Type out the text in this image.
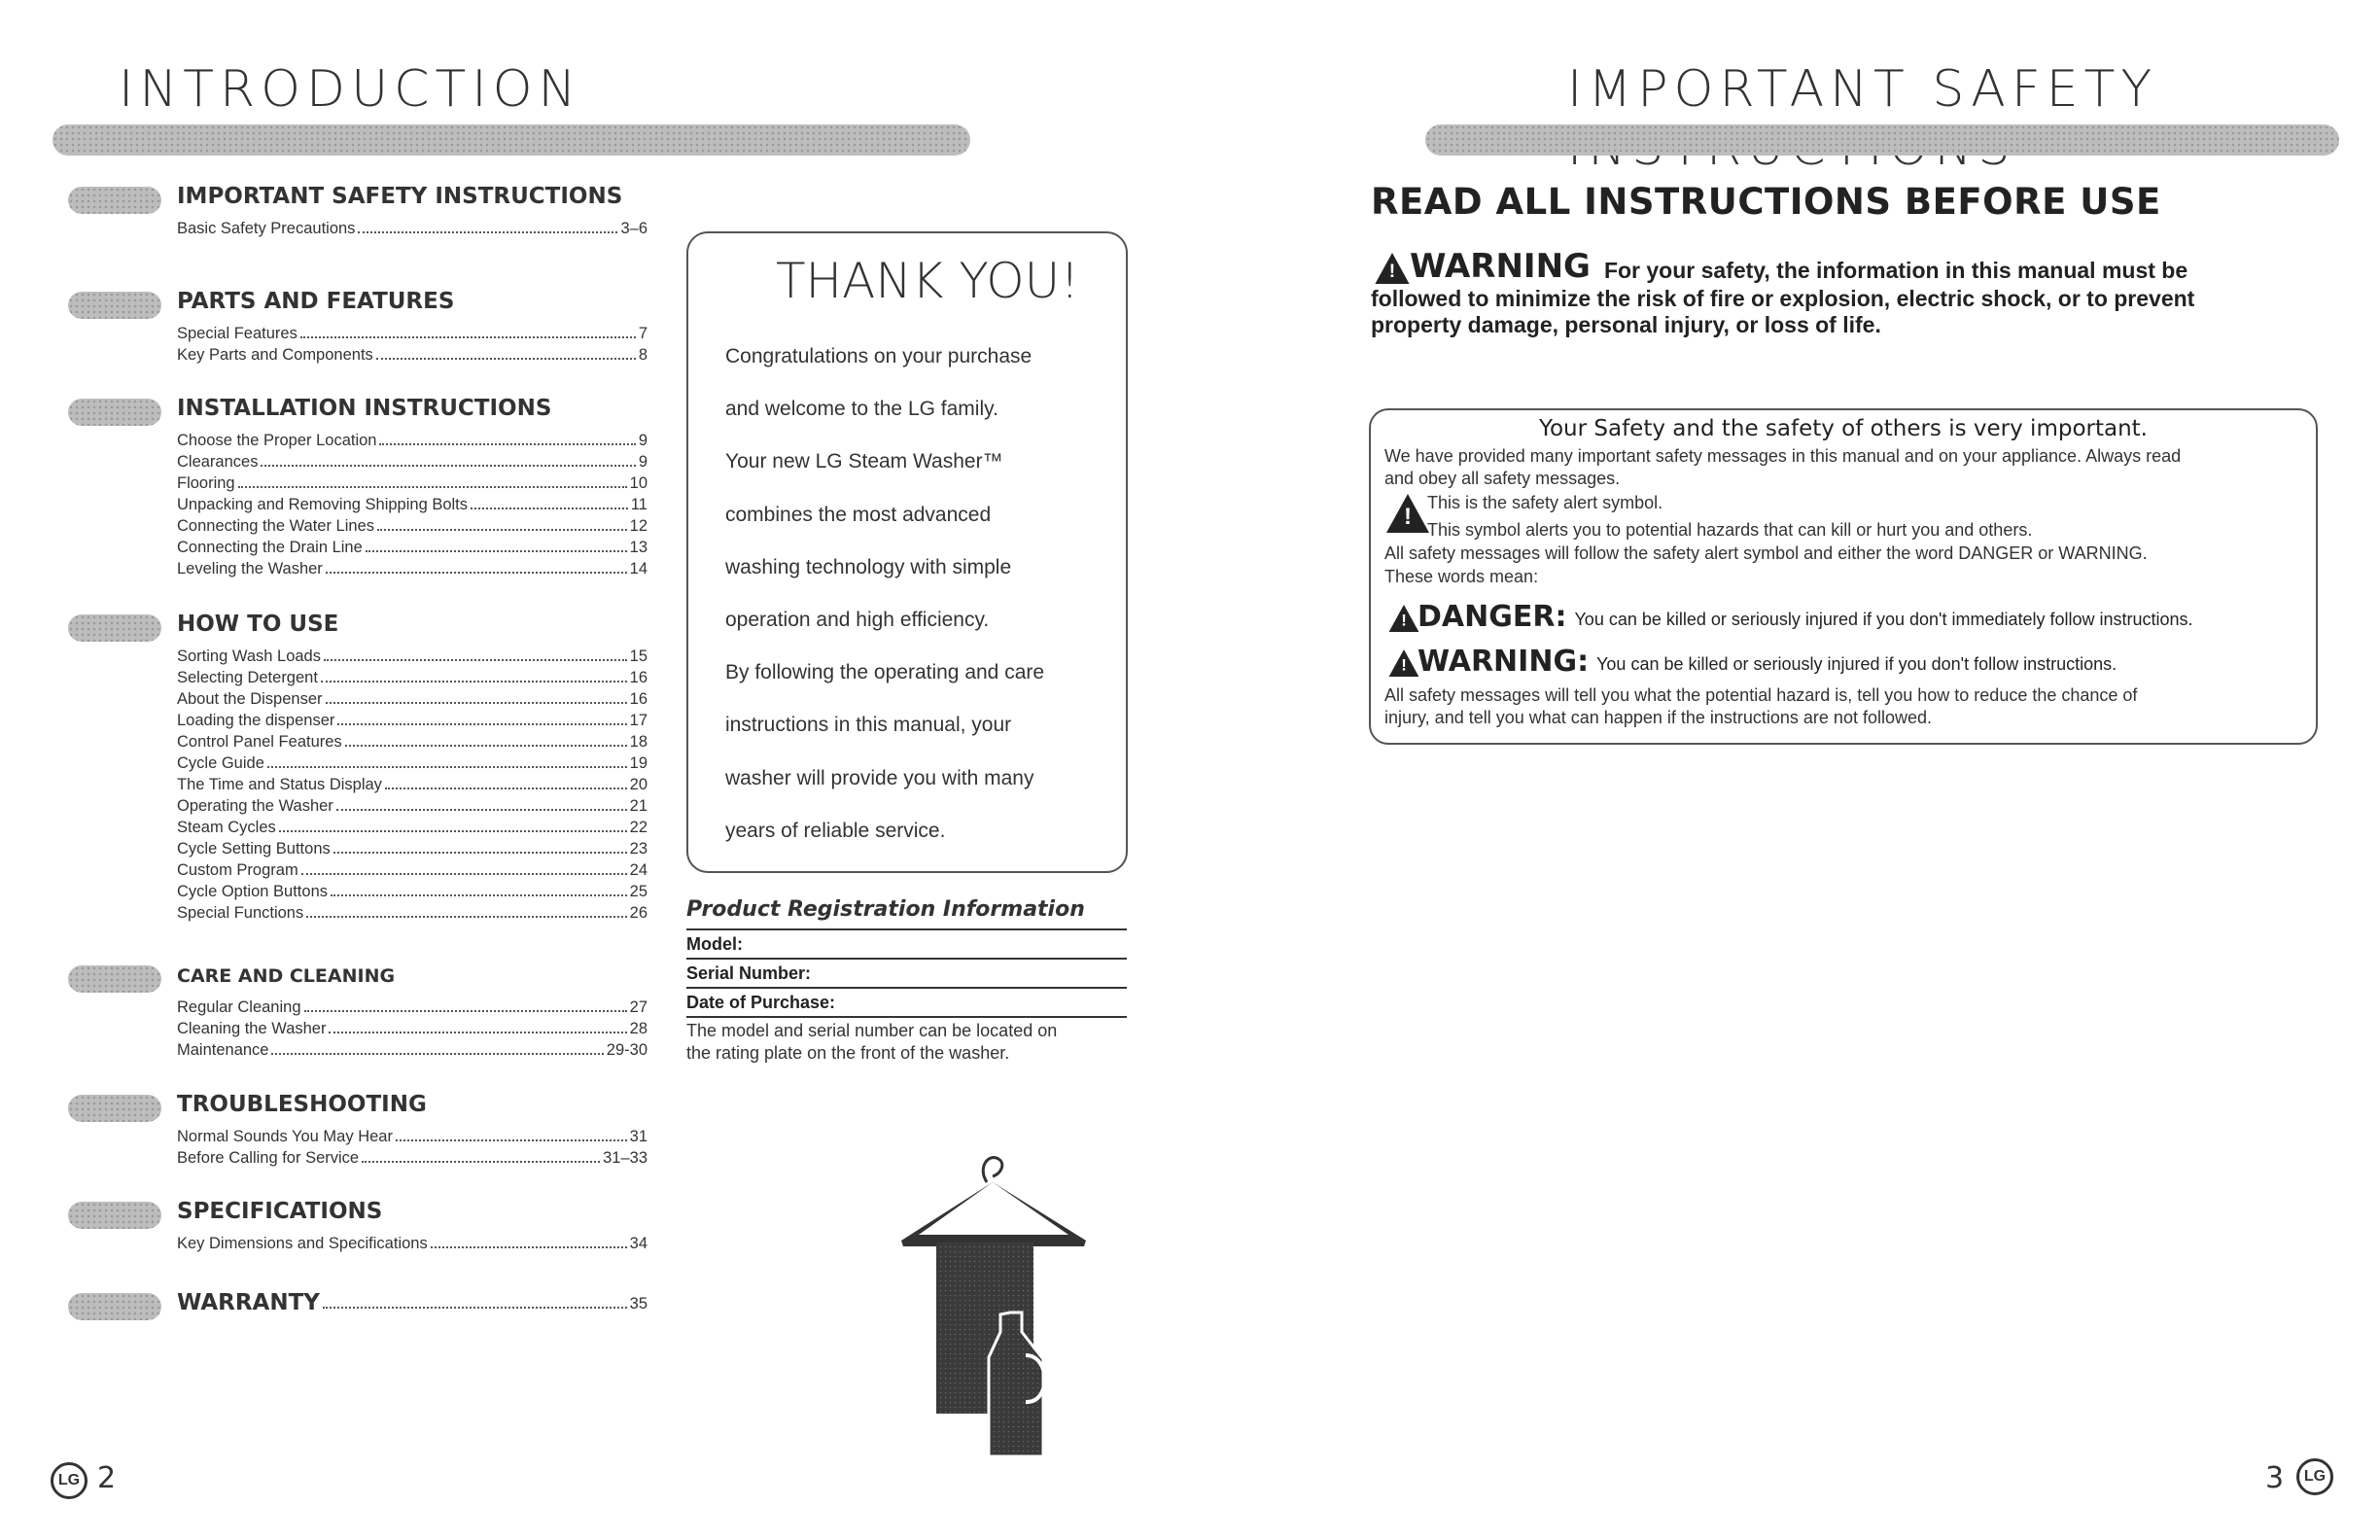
INTRODUCTION
IMPORTANT SAFETY INSTRUCTIONS
Basic Safety Precautions	3–6
PARTS AND FEATURES
Special Features	7
Key Parts and Components	8
INSTALLATION INSTRUCTIONS
Choose the Proper Location	9
Clearances	9
Flooring	10
Unpacking and Removing Shipping Bolts	11
Connecting the Water Lines	12
Connecting the Drain Line	13
Leveling the Washer	14
HOW TO USE
Sorting Wash Loads	15
Selecting Detergent	16
About the Dispenser	16
Loading the dispenser	17
Control Panel Features	18
Cycle Guide	19
The Time and Status Display	20
Operating the Washer	21
Steam Cycles	22
Cycle Setting Buttons	23
Custom Program	24
Cycle Option Buttons	25
Special Functions	26
CARE AND CLEANING
Regular Cleaning	27
Cleaning the Washer	28
Maintenance	29-30
TROUBLESHOOTING
Normal Sounds You May Hear	31
Before Calling for Service	31–33
SPECIFICATIONS
Key Dimensions and Specifications	34
WARRANTY	35
THANK YOU!
Congratulations on your purchase
and welcome to the LG family.
Your new LG Steam Washer™
combines the most advanced
washing technology with simple
operation and high efficiency.
By following the operating and care
instructions in this manual, your
washer will provide you with many
years of reliable service.
Product Registration Information
Model:
Serial Number:
Date of Purchase:
The model and serial number can be located on
the rating plate on the front of the washer.
LG 2
IMPORTANT SAFETY
READ ALL INSTRUCTIONS BEFORE USE
! WARNING For your safety, the information in this manual must be
followed to minimize the risk of fire or explosion, electric shock, or to prevent
property damage, personal injury, or loss of life.
Your Safety and the safety of others is very important.
We have provided many important safety messages in this manual and on your appliance. Always read
and obey all safety messages.
!
This is the safety alert symbol.
This symbol alerts you to potential hazards that can kill or hurt you and others.
All safety messages will follow the safety alert symbol and either the word DANGER or WARNING.
These words mean:
! DANGER: You can be killed or seriously injured if you don't immediately follow instructions.
! WARNING: You can be killed or seriously injured if you don't follow instructions.
All safety messages will tell you what the potential hazard is, tell you how to reduce the chance of
injury, and tell you what can happen if the instructions are not followed.
3 LG
